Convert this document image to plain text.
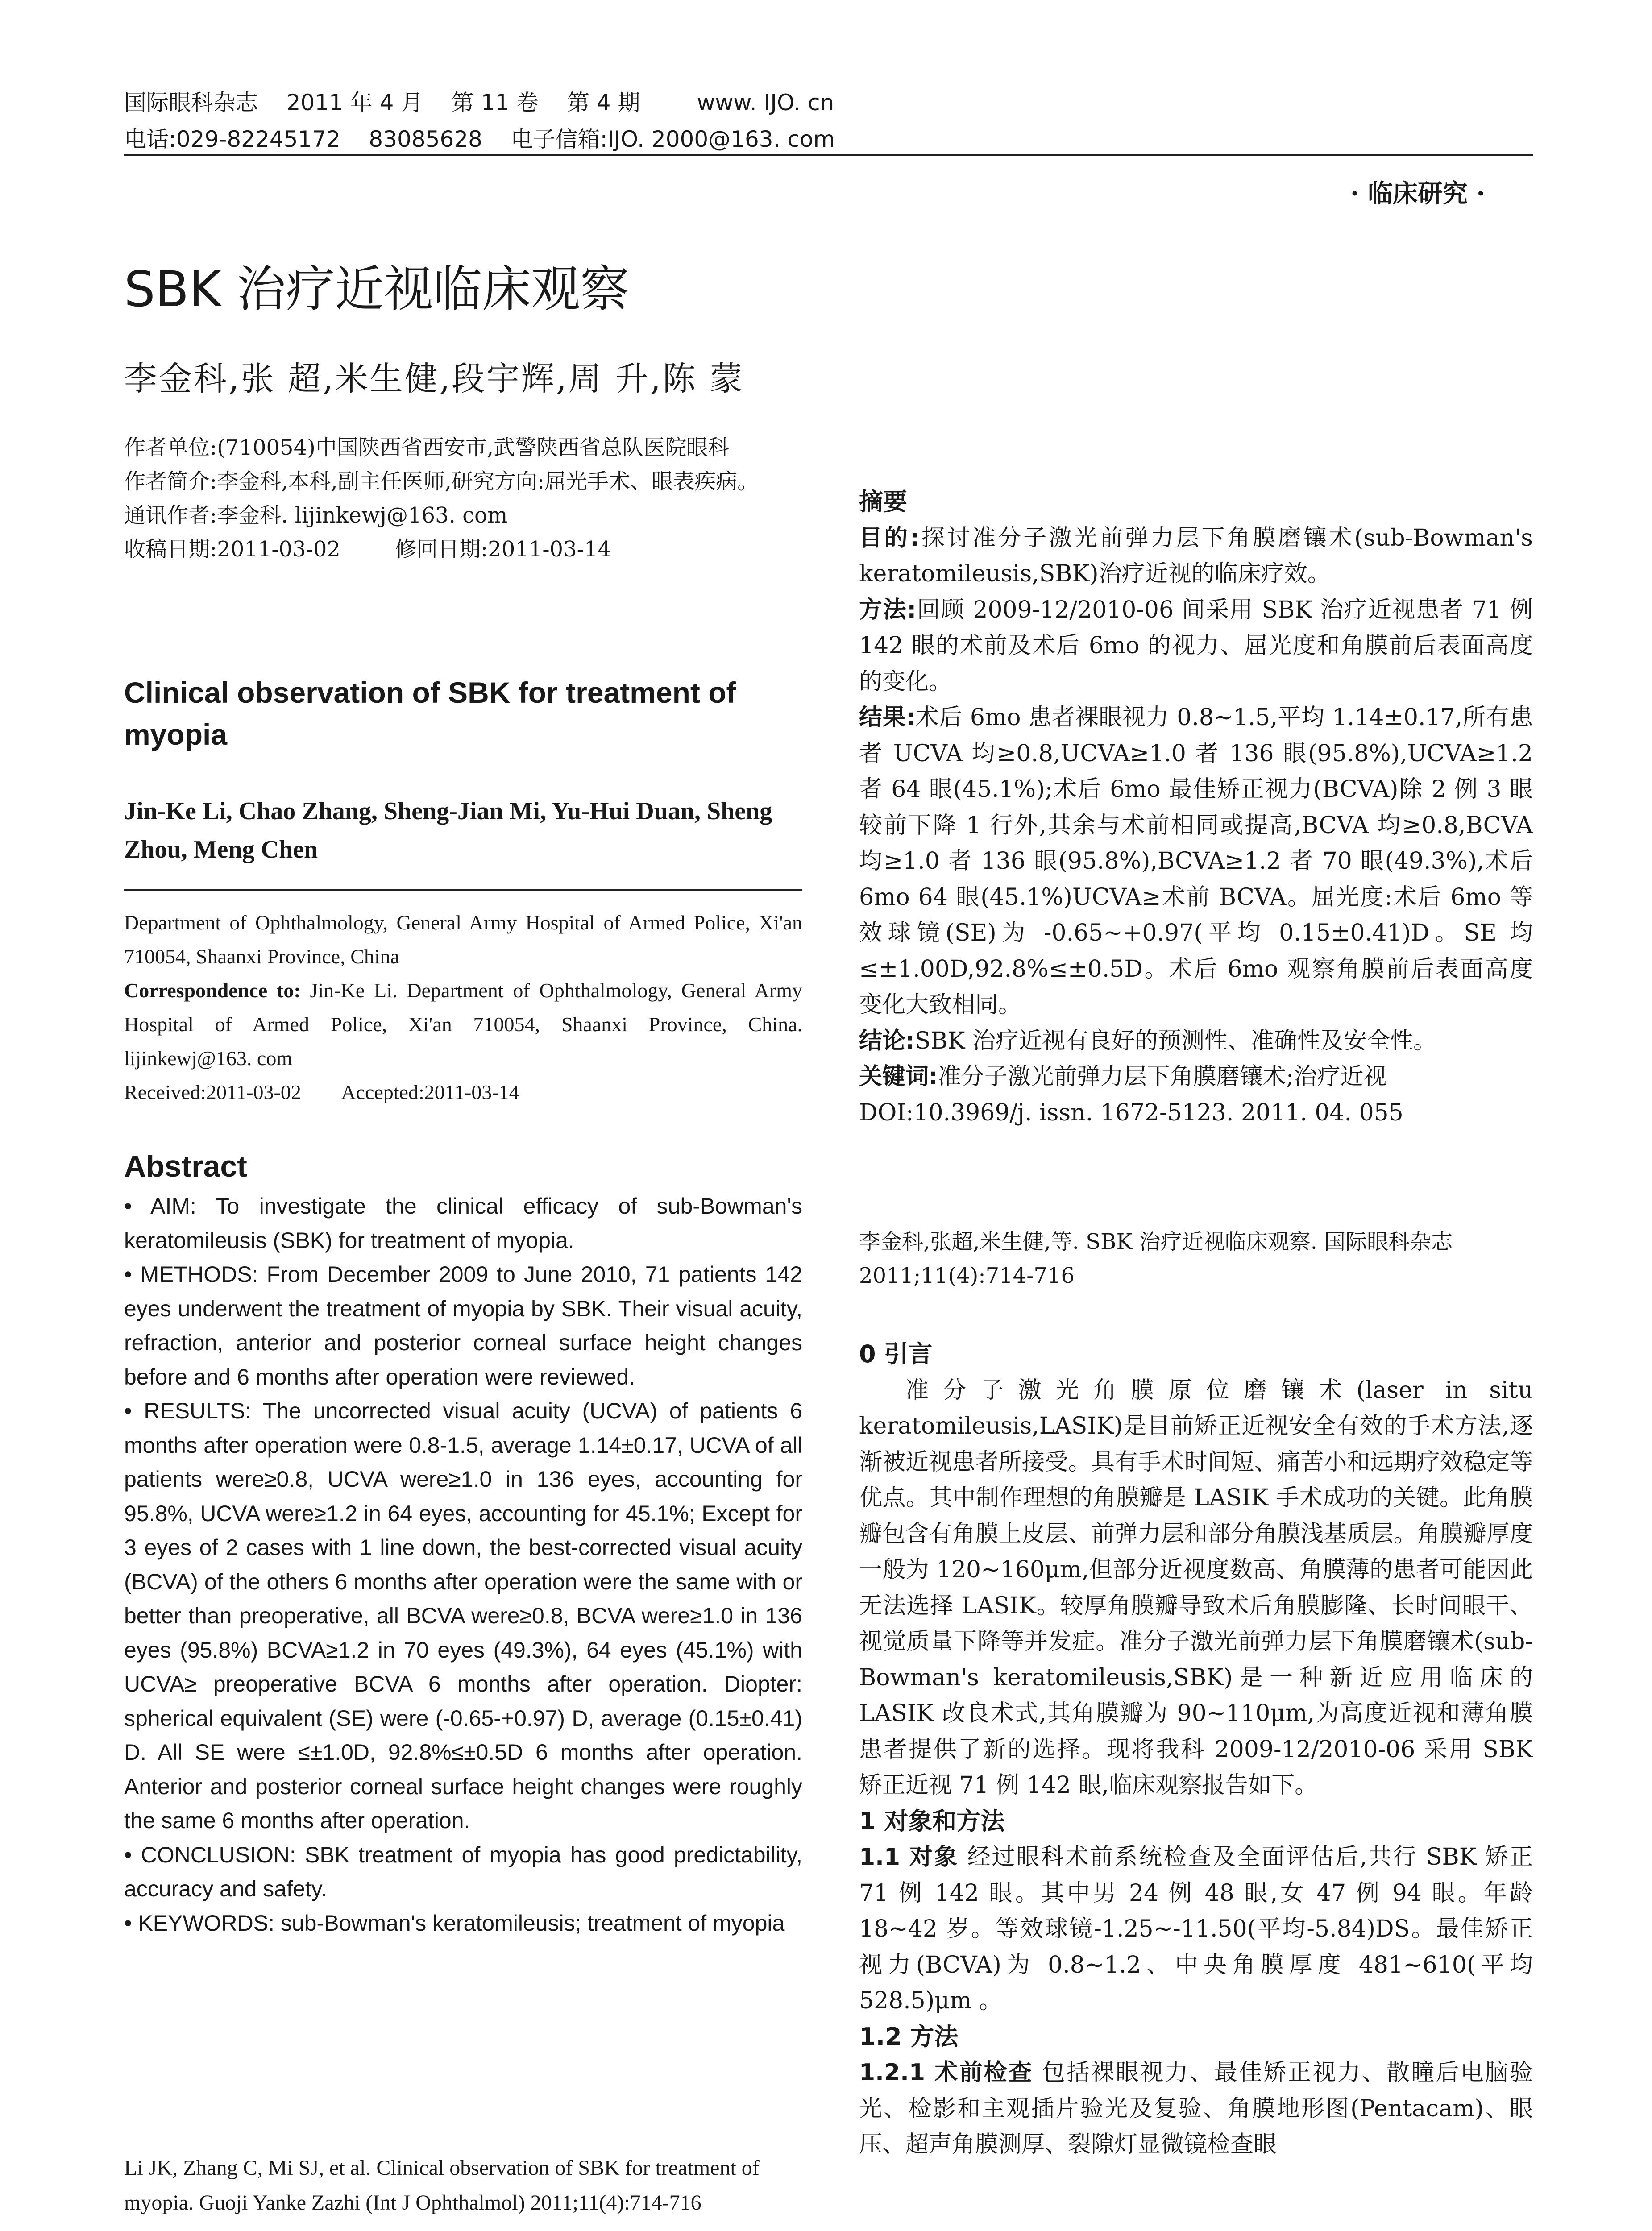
国际眼科杂志    2011 年 4 月    第 11 卷    第 4 期        www. IJO. cn
电话:029-82245172    83085628    电子信箱:IJO. 2000@163. com
· 临床研究 ·
SBK 治疗近视临床观察
李金科,张 超,米生健,段宇辉,周 升,陈 蒙

作者单位:(710054)中国陕西省西安市,武警陕西省总队医院眼科

作者简介:李金科,本科,副主任医师,研究方向:屈光手术、眼表疾病。

通讯作者:李金科. lijinkewj@163. com

收稿日期:2011-03-02        修回日期:2011-03-14

Clinical observation of SBK for treatment of myopia
Jin-Ke Li, Chao Zhang, Sheng-Jian Mi, Yu-Hui Duan, Sheng Zhou, Meng Chen

Department of Ophthalmology, General Army Hospital of Armed Police, Xi'an 710054, Shaanxi Province, China

Correspondence to: Jin-Ke Li. Department of Ophthalmology, General Army Hospital of Armed Police, Xi'an 710054, Shaanxi Province, China. lijinkewj@163. com

Received:2011-03-02        Accepted:2011-03-14

Abstract

• AIM: To investigate the clinical efficacy of sub-Bowman's keratomileusis (SBK) for treatment of myopia.

• METHODS: From December 2009 to June 2010, 71 patients 142 eyes underwent the treatment of myopia by SBK. Their visual acuity, refraction, anterior and posterior corneal surface height changes before and 6 months after operation were reviewed.

• RESULTS: The uncorrected visual acuity (UCVA) of patients 6 months after operation were 0.8-1.5, average 1.14±0.17, UCVA of all patients were≥0.8, UCVA were≥1.0 in 136 eyes, accounting for 95.8%, UCVA were≥1.2 in 64 eyes, accounting for 45.1%; Except for 3 eyes of 2 cases with 1 line down, the best-corrected visual acuity (BCVA) of the others 6 months after operation were the same with or better than preoperative, all BCVA were≥0.8, BCVA were≥1.0 in 136 eyes (95.8%) BCVA≥1.2 in 70 eyes (49.3%), 64 eyes (45.1%) with UCVA≥ preoperative BCVA 6 months after operation. Diopter: spherical equivalent (SE) were (-0.65-+0.97) D, average (0.15±0.41) D. All SE were ≤±1.0D, 92.8%≤±0.5D 6 months after operation. Anterior and posterior corneal surface height changes were roughly the same 6 months after operation.

• CONCLUSION: SBK treatment of myopia has good predictability, accuracy and safety.

• KEYWORDS: sub-Bowman's keratomileusis; treatment of myopia

Li JK, Zhang C, Mi SJ, et al. Clinical observation of SBK for treatment of myopia. Guoji Yanke Zazhi (Int J Ophthalmol) 2011;11(4):714-716
摘要

目的:探讨准分子激光前弹力层下角膜磨镶术(sub-Bowman's keratomileusis,SBK)治疗近视的临床疗效。

方法:回顾 2009-12/2010-06 间采用 SBK 治疗近视患者 71 例 142 眼的术前及术后 6mo 的视力、屈光度和角膜前后表面高度的变化。

结果:术后 6mo 患者裸眼视力 0.8~1.5,平均 1.14±0.17,所有患者 UCVA 均≥0.8,UCVA≥1.0 者 136 眼(95.8%),UCVA≥1.2 者 64 眼(45.1%);术后 6mo 最佳矫正视力(BCVA)除 2 例 3 眼较前下降 1 行外,其余与术前相同或提高,BCVA 均≥0.8,BCVA 均≥1.0 者 136 眼(95.8%),BCVA≥1.2 者 70 眼(49.3%),术后 6mo 64 眼(45.1%)UCVA≥术前 BCVA。屈光度:术后 6mo 等效球镜(SE)为 -0.65~+0.97(平均 0.15±0.41)D。SE 均≤±1.00D,92.8%≤±0.5D。术后 6mo 观察角膜前后表面高度变化大致相同。

结论:SBK 治疗近视有良好的预测性、准确性及安全性。

关键词:准分子激光前弹力层下角膜磨镶术;治疗近视

DOI:10.3969/j. issn. 1672-5123. 2011. 04. 055

李金科,张超,米生健,等. SBK 治疗近视临床观察. 国际眼科杂志 2011;11(4):714-716
0 引言

准分子激光角膜原位磨镶术(laser in situ keratomileusis,LASIK)是目前矫正近视安全有效的手术方法,逐渐被近视患者所接受。具有手术时间短、痛苦小和远期疗效稳定等优点。其中制作理想的角膜瓣是 LASIK 手术成功的关键。此角膜瓣包含有角膜上皮层、前弹力层和部分角膜浅基质层。角膜瓣厚度一般为 120~160μm,但部分近视度数高、角膜薄的患者可能因此无法选择 LASIK。较厚角膜瓣导致术后角膜膨隆、长时间眼干、视觉质量下降等并发症。准分子激光前弹力层下角膜磨镶术(sub-Bowman's keratomileusis,SBK)是一种新近应用临床的 LASIK 改良术式,其角膜瓣为 90~110μm,为高度近视和薄角膜患者提供了新的选择。现将我科 2009-12/2010-06 采用 SBK 矫正近视 71 例 142 眼,临床观察报告如下。

1 对象和方法

1.1 对象 经过眼科术前系统检查及全面评估后,共行 SBK 矫正 71 例 142 眼。其中男 24 例 48 眼,女 47 例 94 眼。年龄 18~42 岁。等效球镜-1.25~-11.50(平均-5.84)DS。最佳矫正视力(BCVA)为 0.8~1.2、中央角膜厚度 481~610(平均 528.5)μm 。

1.2 方法

1.2.1 术前检查 包括裸眼视力、最佳矫正视力、散瞳后电脑验光、检影和主观插片验光及复验、角膜地形图(Pentacam)、眼压、超声角膜测厚、裂隙灯显微镜检查眼
